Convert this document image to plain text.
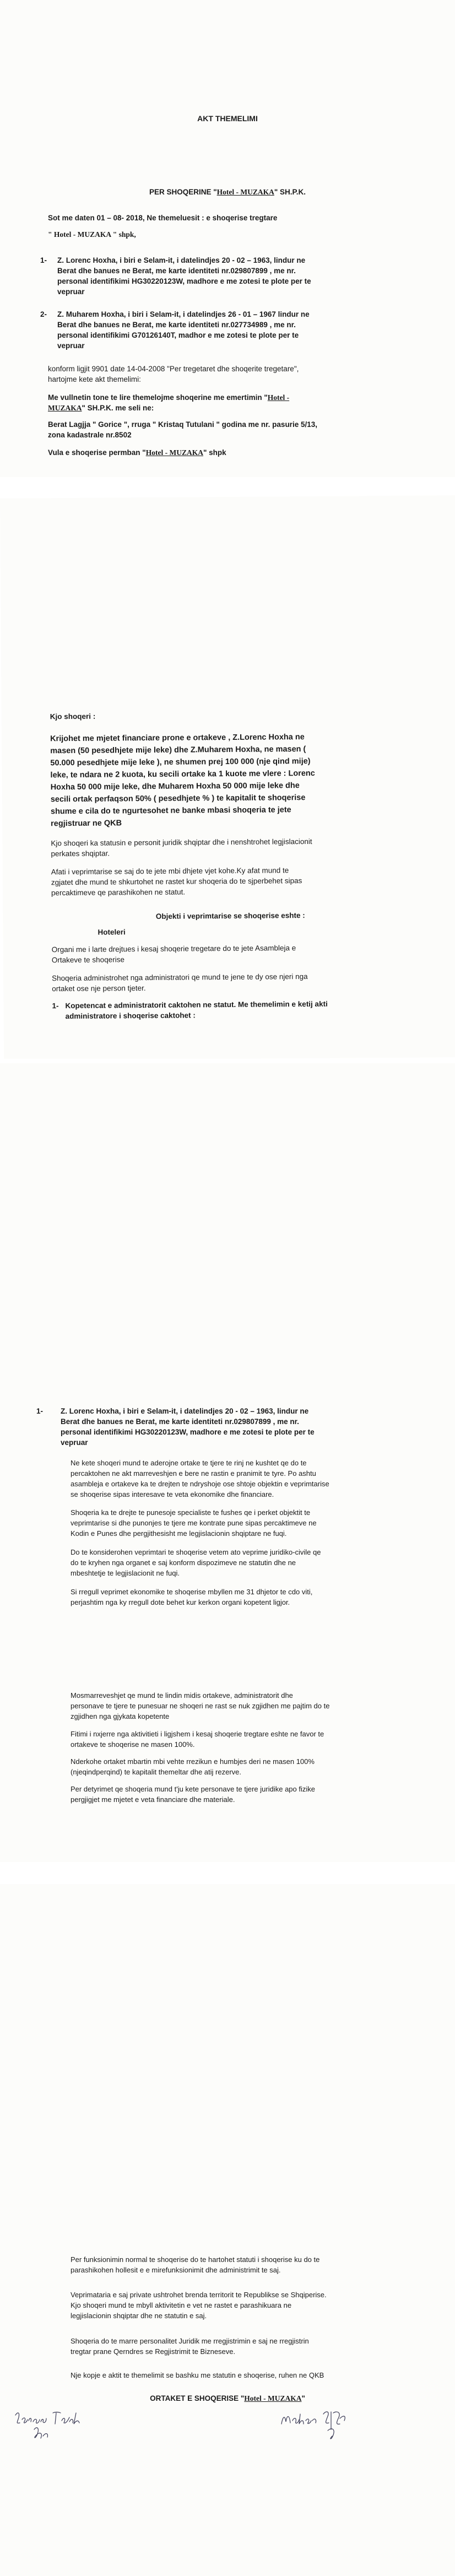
AKT THEMELIMI
PER SHOQERINE "Hotel - MUZAKA" SH.P.K.
Sot me daten 01 – 08- 2018, Ne themeluesit : e shoqerise tregtare
" Hotel - MUZAKA " shpk,
1- Z. Lorenc Hoxha, i biri e Selam-it, i datelindjes 20 - 02 – 1963, lindur ne
Berat dhe banues ne Berat, me karte identiteti nr.029807899 , me nr.
personal identifikimi HG30220123W, madhore e me zotesi te plote per te
vepruar
2- Z. Muharem Hoxha, i biri i Selam-it, i datelindjes 26 - 01 – 1967 lindur ne
Berat dhe banues ne Berat, me karte identiteti nr.027734989 , me nr.
personal identifikimi G70126140T, madhor e me zotesi te plote per te
vepruar
konform ligjit 9901 date 14-04-2008 "Per tregetaret dhe shoqerite tregetare",
hartojme kete akt themelimi:
Me vullnetin tone te lire themelojme shoqerine me emertimin "Hotel -
MUZAKA" SH.P.K. me seli ne:
Berat Lagjja " Gorice ", rruga " Kristaq Tutulani " godina me nr. pasurie 5/13,
zona kadastrale nr.8502
Vula e shoqerise permban "Hotel - MUZAKA" shpk
Kjo shoqeri :
Krijohet me mjetet financiare prone e ortakeve , Z.Lorenc Hoxha ne
masen (50 pesedhjete mije leke) dhe Z.Muharem Hoxha, ne masen (
50.000 pesedhjete mije leke ), ne shumen prej 100 000 (nje qind mije)
leke, te ndara ne 2 kuota, ku secili ortake ka 1 kuote me vlere : Lorenc
Hoxha 50 000 mije leke, dhe Muharem Hoxha 50 000 mije leke dhe
secili ortak perfaqson 50% ( pesedhjete % ) te kapitalit te shoqerise
shume e cila do te ngurtesohet ne banke mbasi shoqeria te jete
regjistruar ne QKB
Kjo shoqeri ka statusin e personit juridik shqiptar dhe i nenshtrohet legjislacionit
perkates shqiptar.
Afati i veprimtarise se saj do te jete mbi dhjete vjet kohe.Ky afat mund te
zgjatet dhe mund te shkurtohet ne rastet kur shoqeria do te sjperbehet sipas
percaktimeve qe parashikohen ne statut.
Objekti i veprimtarise se shoqerise eshte :
Hoteleri
Organi me i larte drejtues i kesaj shoqerie tregetare do te jete Asambleja e
Ortakeve te shoqerise
Shoqeria administrohet nga administratori qe mund te jene te dy ose njeri nga
ortaket ose nje person tjeter.
1- Kopetencat e administratorit caktohen ne statut. Me themelimin e ketij akti
administratore i shoqerise caktohet :
1- Z. Lorenc Hoxha, i biri e Selam-it, i datelindjes 20 - 02 – 1963, lindur ne
Berat dhe banues ne Berat, me karte identiteti nr.029807899 , me nr.
personal identifikimi HG30220123W, madhore e me zotesi te plote per te
vepruar
Ne kete shoqeri mund te aderojne ortake te tjere te rinj ne kushtet qe do te
percaktohen ne akt marreveshjen e bere ne rastin e pranimit te tyre. Po ashtu
asambleja e ortakeve ka te drejten te ndryshoje ose shtoje objektin e veprimtarise
se shoqerise sipas interesave te veta ekonomike dhe financiare.
Shoqeria ka te drejte te punesoje specialiste te fushes qe i perket objektit te
veprimtarise si dhe punonjes te tjere me kontrate pune sipas percaktimeve ne
Kodin e Punes dhe pergjithesisht me legjislacionin shqiptare ne fuqi.
Do te konsiderohen veprimtari te shoqerise vetem ato veprime juridiko-civile qe
do te kryhen nga organet e saj konform dispozimeve ne statutin dhe ne
mbeshtetje te legjislacionit ne fuqi.
Si rregull veprimet ekonomike te shoqerise mbyllen me 31 dhjetor te cdo viti,
perjashtim nga ky rregull dote behet kur kerkon organi kopetent ligjor.
Mosmarreveshjet qe mund te lindin midis ortakeve, administratorit dhe
personave te tjere te punesuar ne shoqeri ne rast se nuk zgjidhen me pajtim do te
zgjidhen nga gjykata kopetente
Fitimi i nxjerre nga aktivitieti i ligjshem i kesaj shoqerie tregtare eshte ne favor te
ortakeve te shoqerise ne masen 100%.
Nderkohe ortaket mbartin mbi vehte rrezikun e humbjes deri ne masen 100%
(njeqindperqind) te kapitalit themeltar dhe atij rezerve.
Per detyrimet qe shoqeria mund t'ju kete personave te tjere juridike apo fizike
pergjigjet me mjetet e veta financiare dhe materiale.
Per funksionimin normal te shoqerise do te hartohet statuti i shoqerise ku do te
parashikohen hollesit e e mirefunksionimit dhe administrimit te saj.
Veprimataria e saj private ushtrohet brenda territorit te Republikse se Shqiperise.
Kjo shoqeri mund te mbyll aktivitetin e vet ne rastet e parashikuara ne
legjislacionin shqiptar dhe ne statutin e saj.
Shoqeria do te marre personalitet Juridik me rregjistrimin e saj ne rregjistrin
tregtar prane Qerndres se Regjistrimit te Bizneseve.
Nje kopje e aktit te themelimit se bashku me statutin e shoqerise, ruhen ne QKB
ORTAKET E SHOQERISE "Hotel - MUZAKA"
